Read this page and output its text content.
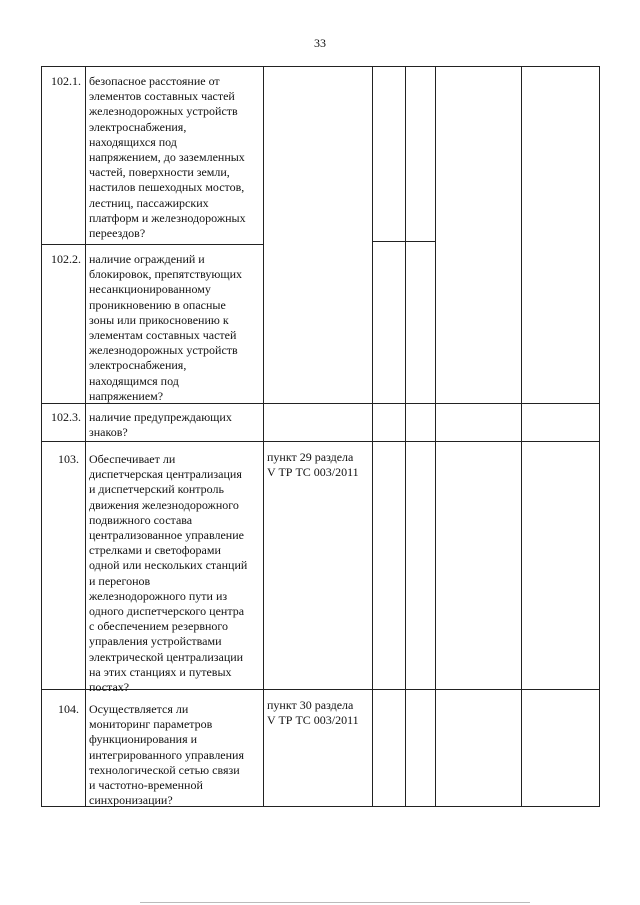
33
102.1. безопасное расстояние от
элементов составных частей
железнодорожных устройств
электроснабжения,
находящихся под
напряжением, до заземленных
частей, поверхности земли,
настилов пешеходных мостов,
лестниц, пассажирских
платформ и железнодорожных
переездов?
102.2. наличие ограждений и
блокировок, препятствующих
несанкционированному
проникновению в опасные
зоны или прикосновению к
элементам составных частей
железнодорожных устройств
электроснабжения,
находящимся под
напряжением?
102.3. наличие предупреждающих
знаков?
103. Обеспечивает ли
диспетчерская централизация
и диспетчерский контроль
движения железнодорожного
подвижного состава
централизованное управление
стрелками и светофорами
одной или нескольких станций
и перегонов
железнодорожного пути из
одного диспетчерского центра
с обеспечением резервного
управления устройствами
электрической централизации
на этих станциях и путевых
постах?
пункт 29 раздела
V ТР ТС 003/2011
104. Осуществляется ли
мониторинг параметров
функционирования и
интегрированного управления
технологической сетью связи
и частотно-временной
синхронизации?
пункт 30 раздела
V ТР ТС 003/2011
